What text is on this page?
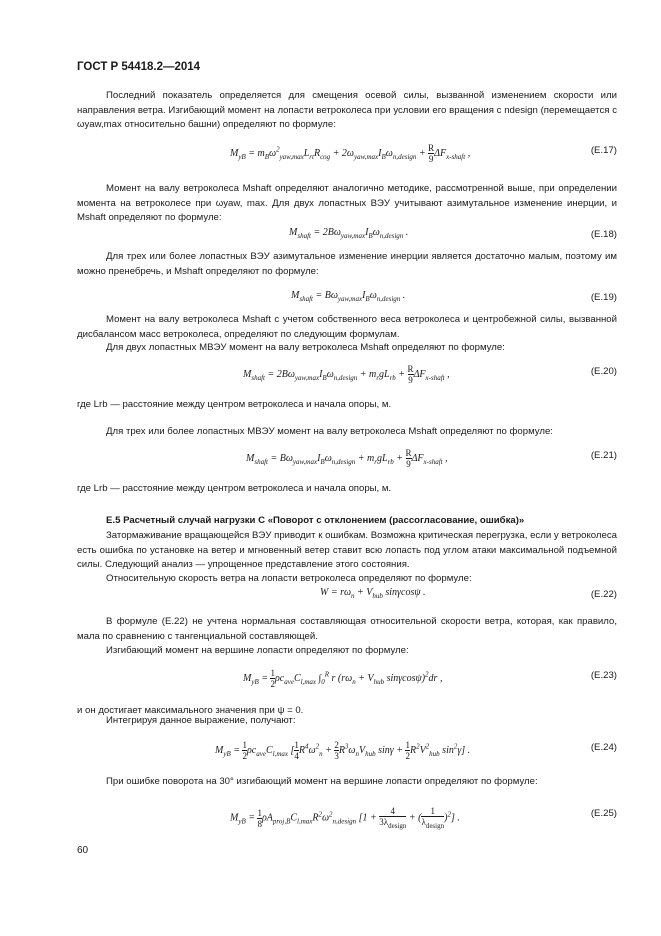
ГОСТ Р 54418.2—2014
Последний показатель определяется для смещения осевой силы, вызванной изменением скорости или направления ветра. Изгибающий момент на лопасти ветроколеса при условии его вращения с ndesign (перемещается с ωyaw,max относительно башни) определяют по формуле:
$M_{yB} = m_B\omega^2_{yaw,max}L_{rt}R_{cog} + 2\omega_{yaw,max}I_B\omega_{n,design} + \frac{R}{9} \Delta F_{x-shaft}$ ,	(Е.17)
Момент на валу ветроколеса Mshaft определяют аналогично методике, рассмотренной выше, при определении момента на ветроколесе при ωyaw, max. Для двух лопастных ВЭУ учитывают азимутальное изменение инерции, и Mshaft определяют по формуле:
$M_{shaft} = 2B\omega_{yaw,max}I_B\omega_{n,design}$ .	(Е.18)
Для трех или более лопастных ВЭУ азимутальное изменение инерции является достаточно малым, поэтому им можно пренебречь, и Mshaft определяют по формуле:
$M_{shaft} = B\omega_{yaw,max}I_B\omega_{n,design}$ .	(Е.19)
Момент на валу ветроколеса Mshaft с учетом собственного веса ветроколеса и центробежной силы, вызванной дисбалансом масс ветроколеса, определяют по следующим формулам.
Для двух лопастных МВЭУ момент на валу ветроколеса Mshaft определяют по формуле:
$M_{shaft} = 2B\omega_{yaw,max}I_B\omega_{n,design} + m_rgL_{rb} + \frac{R}{9} \Delta F_{x-shaft}$ ,	(Е.20)
где Lrb — расстояние между центром ветроколеса и начала опоры, м.
Для трех или более лопастных МВЭУ момент на валу ветроколеса Mshaft определяют по формуле:
$M_{shaft} = B\omega_{yaw,max}I_B\omega_{n,design} + m_rgL_{rb} + \frac{R}{9} \Delta F_{x-shaft}$ ,	(Е.21)
где Lrb — расстояние между центром ветроколеса и начала опоры, м.
Е.5 Расчетный случай нагрузки С «Поворот с отклонением (рассогласование, ошибка)»
Затормаживание вращающейся ВЭУ приводит к ошибкам. Возможна критическая перегрузка, если у ветроколеса есть ошибка по установке на ветер и мгновенный ветер ставит всю лопасть под углом атаки максимальной подъемной силы. Следующий анализ — упрощенное представление этого состояния.
Относительную скорость ветра на лопасти ветроколеса определяют по формуле:
$W = r\omega_n + V_{hub}$ sinγcosψ .	(Е.22)
В формуле (Е.22) не учтена нормальная составляющая относительной скорости ветра, которая, как правило, мала по сравнению с тангенциальной составляющей.
Изгибающий момент на вершине лопасти определяют по формуле:
$M_{yB} = \frac{1}{2} \rho c_{ave}C_{l,max}$ $\int_0^R$ r ($r\omega_n + V_{hub}$ sinγcosψ)$^2$dr ,	(Е.23)
и он достигает максимального значения при ψ = 0.
Интегрируя данное выражение, получают:
$M_{yB} = \frac{1}{2} \rho c_{ave}C_{l,max}$ [ $\frac{1}{4} R^4\omega^2_n + \frac{2}{3} R^3\omega_nV_{hub}$ $\sin\gamma + \frac{1}{2} R^2V^2_{hub}$ $\sin^2\gamma$] .	(Е.24)
При ошибке поворота на 30° изгибающий момент на вершине лопасти определяют по формуле:
$M_{yB} = \frac{1}{8} \rho A_{proj,B}C_{l,max}R^2\omega^2_{n,design}$ [1 +
4
$3\lambda_{design}$
+ (
1
$\lambda_{design}$
)$^2$] .	(Е.25)
60
